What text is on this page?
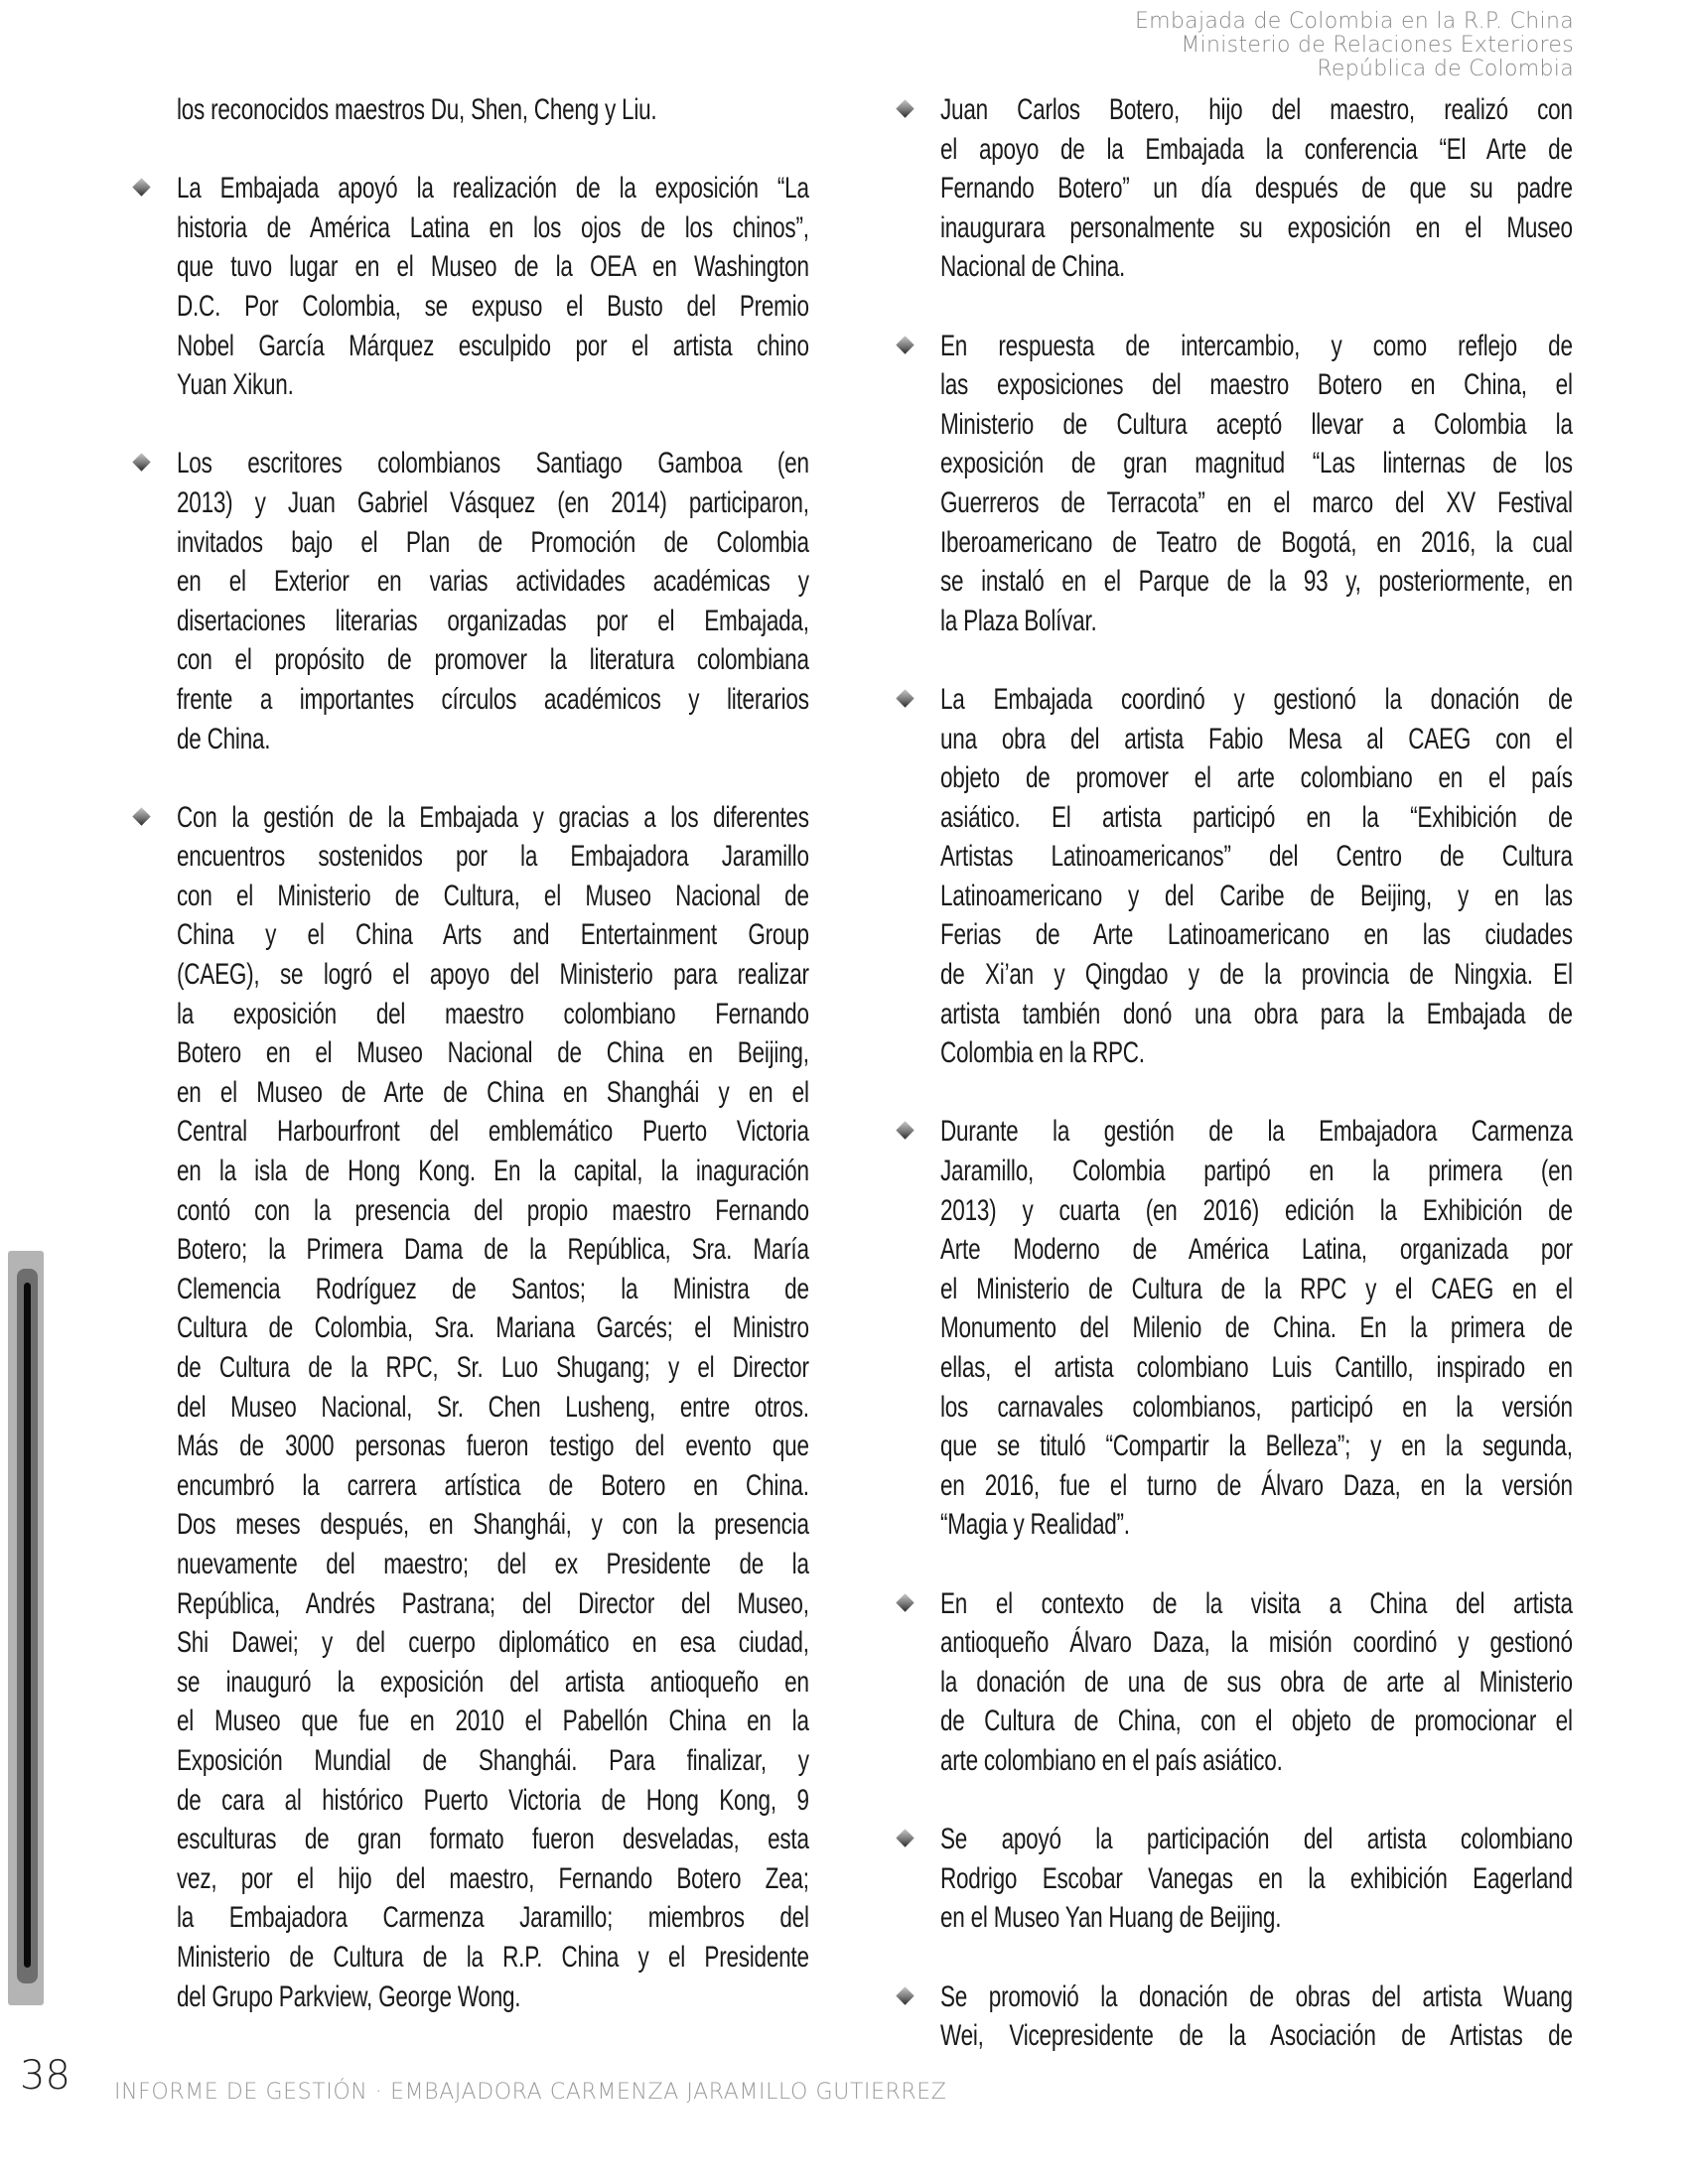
Embajada de Colombia en la R.P. China
Ministerio de Relaciones Exteriores
República de Colombia
los reconocidos maestros Du, Shen, Cheng y Liu.
La Embajada apoyó la realización de la exposición “La
historia de América Latina en los ojos de los chinos”,
que tuvo lugar en el Museo de la OEA en Washington
D.C. Por Colombia, se expuso el Busto del Premio
Nobel García Márquez esculpido por el artista chino
Yuan Xikun.
Los escritores colombianos Santiago Gamboa (en
2013) y Juan Gabriel Vásquez (en 2014) participaron,
invitados bajo el Plan de Promoción de Colombia
en el Exterior en varias actividades académicas y
disertaciones literarias organizadas por el Embajada,
con el propósito de promover la literatura colombiana
frente a importantes círculos académicos y literarios
de China.
Con la gestión de la Embajada y gracias a los diferentes
encuentros sostenidos por la Embajadora Jaramillo
con el Ministerio de Cultura, el Museo Nacional de
China y el China Arts and Entertainment Group
(CAEG), se logró el apoyo del Ministerio para realizar
la exposición del maestro colombiano Fernando
Botero en el Museo Nacional de China en Beijing,
en el Museo de Arte de China en Shanghái y en el
Central Harbourfront del emblemático Puerto Victoria
en la isla de Hong Kong. En la capital, la inaguración
contó con la presencia del propio maestro Fernando
Botero; la Primera Dama de la República, Sra. María
Clemencia Rodríguez de Santos; la Ministra de
Cultura de Colombia, Sra. Mariana Garcés; el Ministro
de Cultura de la RPC, Sr. Luo Shugang; y el Director
del Museo Nacional, Sr. Chen Lusheng, entre otros.
Más de 3000 personas fueron testigo del evento que
encumbró la carrera artística de Botero en China.
Dos meses después, en Shanghái, y con la presencia
nuevamente del maestro; del ex Presidente de la
República, Andrés Pastrana; del Director del Museo,
Shi Dawei; y del cuerpo diplomático en esa ciudad,
se inauguró la exposición del artista antioqueño en
el Museo que fue en 2010 el Pabellón China en la
Exposición Mundial de Shanghái. Para finalizar, y
de cara al histórico Puerto Victoria de Hong Kong, 9
esculturas de gran formato fueron desveladas, esta
vez, por el hijo del maestro, Fernando Botero Zea;
la Embajadora Carmenza Jaramillo; miembros del
Ministerio de Cultura de la R.P. China y el Presidente
del Grupo Parkview, George Wong.
Juan Carlos Botero, hijo del maestro, realizó con
el apoyo de la Embajada la conferencia “El Arte de
Fernando Botero” un día después de que su padre
inaugurara personalmente su exposición en el Museo
Nacional de China.
En respuesta de intercambio, y como reflejo de
las exposiciones del maestro Botero en China, el
Ministerio de Cultura aceptó llevar a Colombia la
exposición de gran magnitud “Las linternas de los
Guerreros de Terracota” en el marco del XV Festival
Iberoamericano de Teatro de Bogotá, en 2016, la cual
se instaló en el Parque de la 93 y, posteriormente, en
la Plaza Bolívar.
La Embajada coordinó y gestionó la donación de
una obra del artista Fabio Mesa al CAEG con el
objeto de promover el arte colombiano en el país
asiático. El artista participó en la “Exhibición de
Artistas Latinoamericanos” del Centro de Cultura
Latinoamericano y del Caribe de Beijing, y en las
Ferias de Arte Latinoamericano en las ciudades
de Xi’an y Qingdao y de la provincia de Ningxia. El
artista también donó una obra para la Embajada de
Colombia en la RPC.
Durante la gestión de la Embajadora Carmenza
Jaramillo, Colombia partipó en la primera (en
2013) y cuarta (en 2016) edición la Exhibición de
Arte Moderno de América Latina, organizada por
el Ministerio de Cultura de la RPC y el CAEG en el
Monumento del Milenio de China. En la primera de
ellas, el artista colombiano Luis Cantillo, inspirado en
los carnavales colombianos, participó en la versión
que se tituló “Compartir la Belleza”; y en la segunda,
en 2016, fue el turno de Álvaro Daza, en la versión
“Magia y Realidad”.
En el contexto de la visita a China del artista
antioqueño Álvaro Daza, la misión coordinó y gestionó
la donación de una de sus obra de arte al Ministerio
de Cultura de China, con el objeto de promocionar el
arte colombiano en el país asiático.
Se apoyó la participación del artista colombiano
Rodrigo Escobar Vanegas en la exhibición Eagerland
en el Museo Yan Huang de Beijing.
Se promovió la donación de obras del artista Wuang
Wei, Vicepresidente de la Asociación de Artistas de
38 INFORME DE GESTIÓN · EMBAJADORA CARMENZA JARAMILLO GUTIERREZ
